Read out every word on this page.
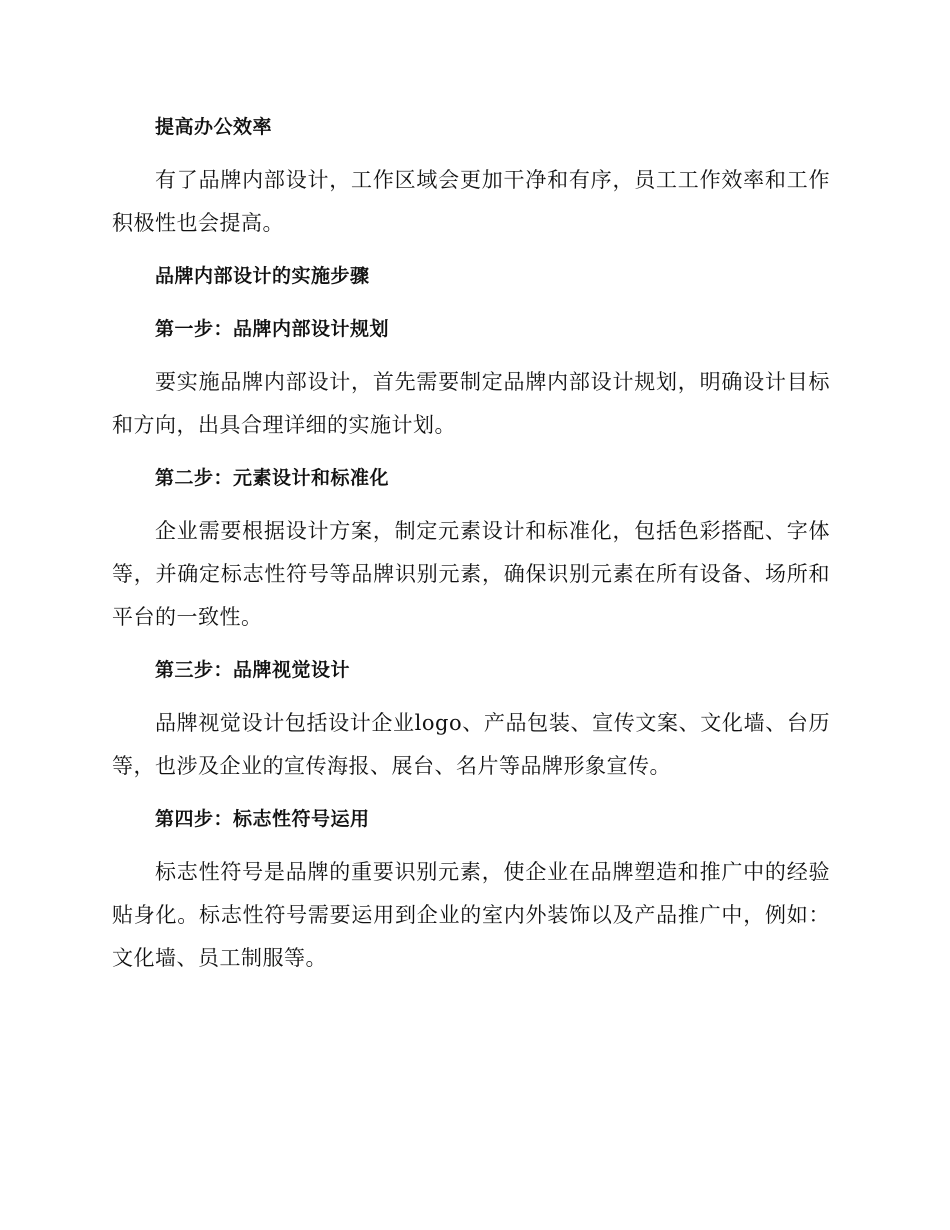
提高办公效率

有了品牌内部设计，工作区域会更加干净和有序，员工工作效率和工作积极性也会提高。

品牌内部设计的实施步骤
第一步：品牌内部设计规划

要实施品牌内部设计，首先需要制定品牌内部设计规划，明确设计目标和方向，出具合理详细的实施计划。

第二步：元素设计和标准化

企业需要根据设计方案，制定元素设计和标准化，包括色彩搭配、字体等，并确定标志性符号等品牌识别元素，确保识别元素在所有设备、场所和平台的一致性。

第三步：品牌视觉设计

品牌视觉设计包括设计企业logo、产品包装、宣传文案、文化墙、台历等，也涉及企业的宣传海报、展台、名片等品牌形象宣传。

第四步：标志性符号运用

标志性符号是品牌的重要识别元素，使企业在品牌塑造和推广中的经验贴身化。标志性符号需要运用到企业的室内外装饰以及产品推广中，例如：文化墙、员工制服等。
